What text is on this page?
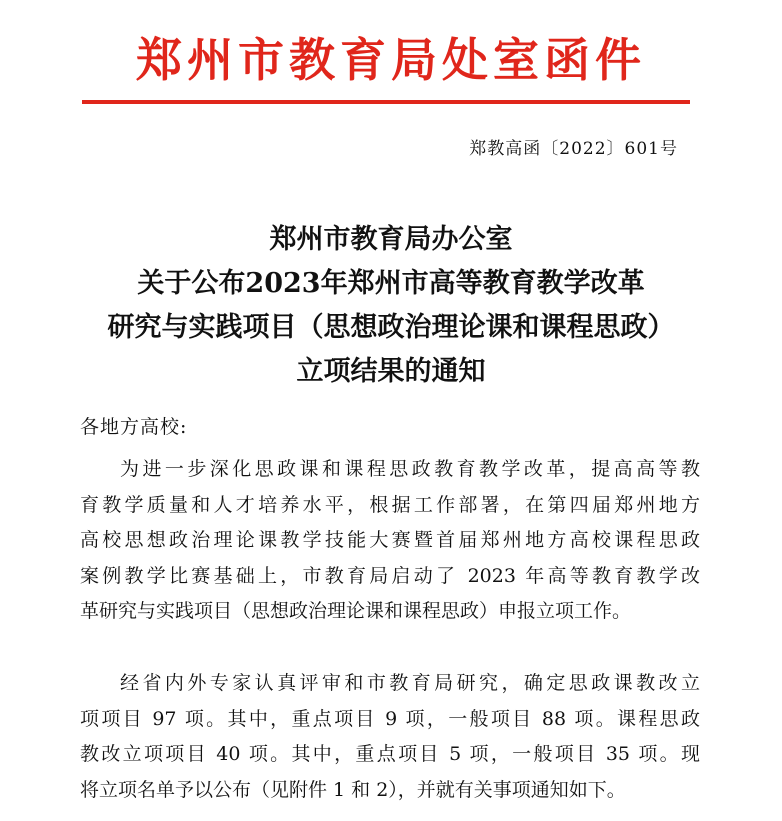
郑州市教育局处室函件
郑教高函〔2022〕601号
郑州市教育局办公室
关于公布2023年郑州市高等教育教学改革
研究与实践项目（思想政治理论课和课程思政）
立项结果的通知
各地方高校:
为进一步深化思政课和课程思政教育教学改革，提高高等教
育教学质量和人才培养水平，根据工作部署，在第四届郑州地方
高校思想政治理论课教学技能大赛暨首届郑州地方高校课程思政
案例教学比赛基础上，市教育局启动了 2023 年高等教育教学改
革研究与实践项目（思想政治理论课和课程思政）申报立项工作。
经省内外专家认真评审和市教育局研究，确定思政课教改立
项项目 97 项。其中，重点项目 9 项，一般项目 88 项。课程思政
教改立项项目 40 项。其中，重点项目 5 项，一般项目 35 项。现
将立项名单予以公布（见附件 1 和 2），并就有关事项通知如下。
